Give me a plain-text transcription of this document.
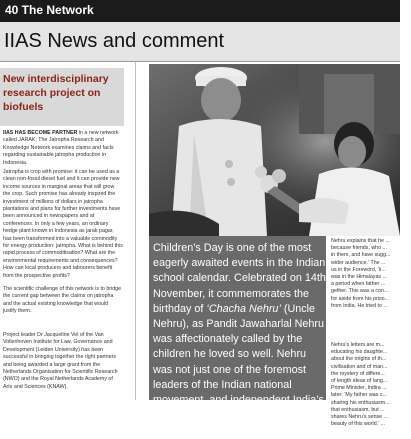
40 The Network
IIAS News and comment
New interdisciplinary research project on biofuels

IIAS HAS BECOME PARTNER in a new network called JARAK: The Jatropha Research and Knowledge Network examines claims and facts regarding sustainable jatropha production in Indonesia.

Jatropha is crop with promise: it can be used as a clean non-fossil diesel fuel and it can provide new income sources in marginal areas that will grow the crop. Such promise has already inspired the investment of millions of dollars in jatropha plantations and plans for further investments have been announced in newspapers and at conferences. In only a few years, an ordinary hedge plant known in Indonesia as jarak pagar, has been transformed into a valuable commodity for energy production: jatropha. What is behind this rapid process of commoditisation? What are the environmental requirements and consequences? How can local producers and labourers benefit from the prospective profits?

The scientific challenge of this network is to bridge the current gap between the claims on jatropha and the actual existing knowledge that would justify them.

Project leader Dr Jacqueline Vel of the Van Vollenhoven Institute for Law, Governance and Development (Leiden University) has been successful in bringing together the right partners and being awarded a large grant from the Netherlands Organisation for Scientific Research (NWO) and the Royal Netherlands Academy of Arts and Sciences (KNAW).

Children’s Day is one of the most eagerly awaited events in the Indian school calendar. Celebrated on 14th November, it commemorates the birthday of ‘Chacha Nehru’ (Uncle Nehru), as Pandit Jawaharlal Nehru was affectionately called by the children he loved so well. Nehru was not just one of the foremost leaders of the Indian national movement, and independent India’s first Prime Minister – his seventeen uninterrupted years in office

Nehru explains that he ...
because friends, who ...
in them, and have sugg...
wider audience.’ The ...
us in the Foreword, ‘li...
was in the Himalayas ...
a period when father ...
gether. This was a con...
for aside from his priso...
from India. He tried to ...

Nehru’s letters are m...
educating his daughte...
about the origins of th...
civilisation and of man...
the mystery of differe...
of length ideas of lang...
Prime Minister, Indira ...
later: ‘My father was c...
sharing his enthusiasm...
that enthusiasm, but ...
shares Nehru’s sense ...
beauty of this world.’ ...
